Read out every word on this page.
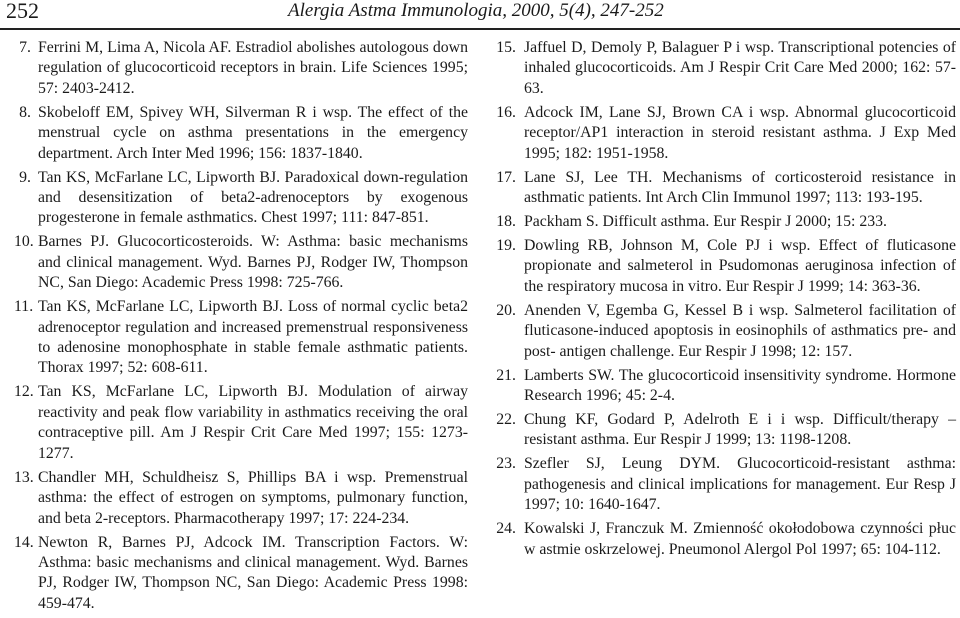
252	Alergia Astma Immunologia, 2000, 5(4), 247-252
7. Ferrini M, Lima A, Nicola AF. Estradiol abolishes autologous down regulation of glucocorticoid receptors in brain. Life Sciences 1995; 57: 2403-2412.
8. Skobeloff EM, Spivey WH, Silverman R i wsp. The effect of the menstrual cycle on asthma presentations in the emergency department. Arch Inter Med 1996; 156: 1837-1840.
9. Tan KS, McFarlane LC, Lipworth BJ. Paradoxical down-regulation and desensitization of beta2-adrenoceptors by exogenous progesterone in female asthmatics. Chest 1997; 111: 847-851.
10. Barnes PJ. Glucocorticosteroids. W: Asthma: basic mechanisms and clinical management. Wyd. Barnes PJ, Rodger IW, Thompson NC, San Diego: Academic Press 1998: 725-766.
11. Tan KS, McFarlane LC, Lipworth BJ. Loss of normal cyclic beta2 adrenoceptor regulation and increased premenstrual responsiveness to adenosine monophosphate in stable female asthmatic patients. Thorax 1997; 52: 608-611.
12. Tan KS, McFarlane LC, Lipworth BJ. Modulation of airway reactivity and peak flow variability in asthmatics receiving the oral contraceptive pill. Am J Respir Crit Care Med 1997; 155: 1273-1277.
13. Chandler MH, Schuldheisz S, Phillips BA i wsp. Premenstrual asthma: the effect of estrogen on symptoms, pulmonary function, and beta 2-receptors. Pharmacotherapy 1997; 17: 224-234.
14. Newton R, Barnes PJ, Adcock IM. Transcription Factors. W: Asthma: basic mechanisms and clinical management. Wyd. Barnes PJ, Rodger IW, Thompson NC, San Diego: Academic Press 1998: 459-474.
15. Jaffuel D, Demoly P, Balaguer P i wsp. Transcriptional potencies of inhaled glucocorticoids. Am J Respir Crit Care Med 2000; 162: 57-63.
16. Adcock IM, Lane SJ, Brown CA i wsp. Abnormal glucocorticoid receptor/AP1 interaction in steroid resistant asthma. J Exp Med 1995; 182: 1951-1958.
17. Lane SJ, Lee TH. Mechanisms of corticosteroid resistance in asthmatic patients. Int Arch Clin Immunol 1997; 113: 193-195.
18. Packham S. Difficult asthma. Eur Respir J 2000; 15: 233.
19. Dowling RB, Johnson M, Cole PJ i wsp. Effect of fluticasone propionate and salmeterol in Psudomonas aeruginosa infection of the respiratory mucosa in vitro. Eur Respir J 1999; 14: 363-36.
20. Anenden V, Egemba G, Kessel B i wsp. Salmeterol facilitation of fluticasone-induced apoptosis in eosinophils of asthmatics pre- and post- antigen challenge. Eur Respir J 1998; 12: 157.
21. Lamberts SW. The glucocorticoid insensitivity syndrome. Hormone Research 1996; 45: 2-4.
22. Chung KF, Godard P, Adelroth E i i wsp. Difficult/therapy – resistant asthma. Eur Respir J 1999; 13: 1198-1208.
23. Szefler SJ, Leung DYM. Glucocorticoid-resistant asthma: pathogenesis and clinical implications for management. Eur Resp J 1997; 10: 1640-1647.
24. Kowalski J, Franczuk M. Zmienność okołodobowa czynności płuc w astmie oskrzelowej. Pneumonol Alergol Pol 1997; 65: 104-112.
